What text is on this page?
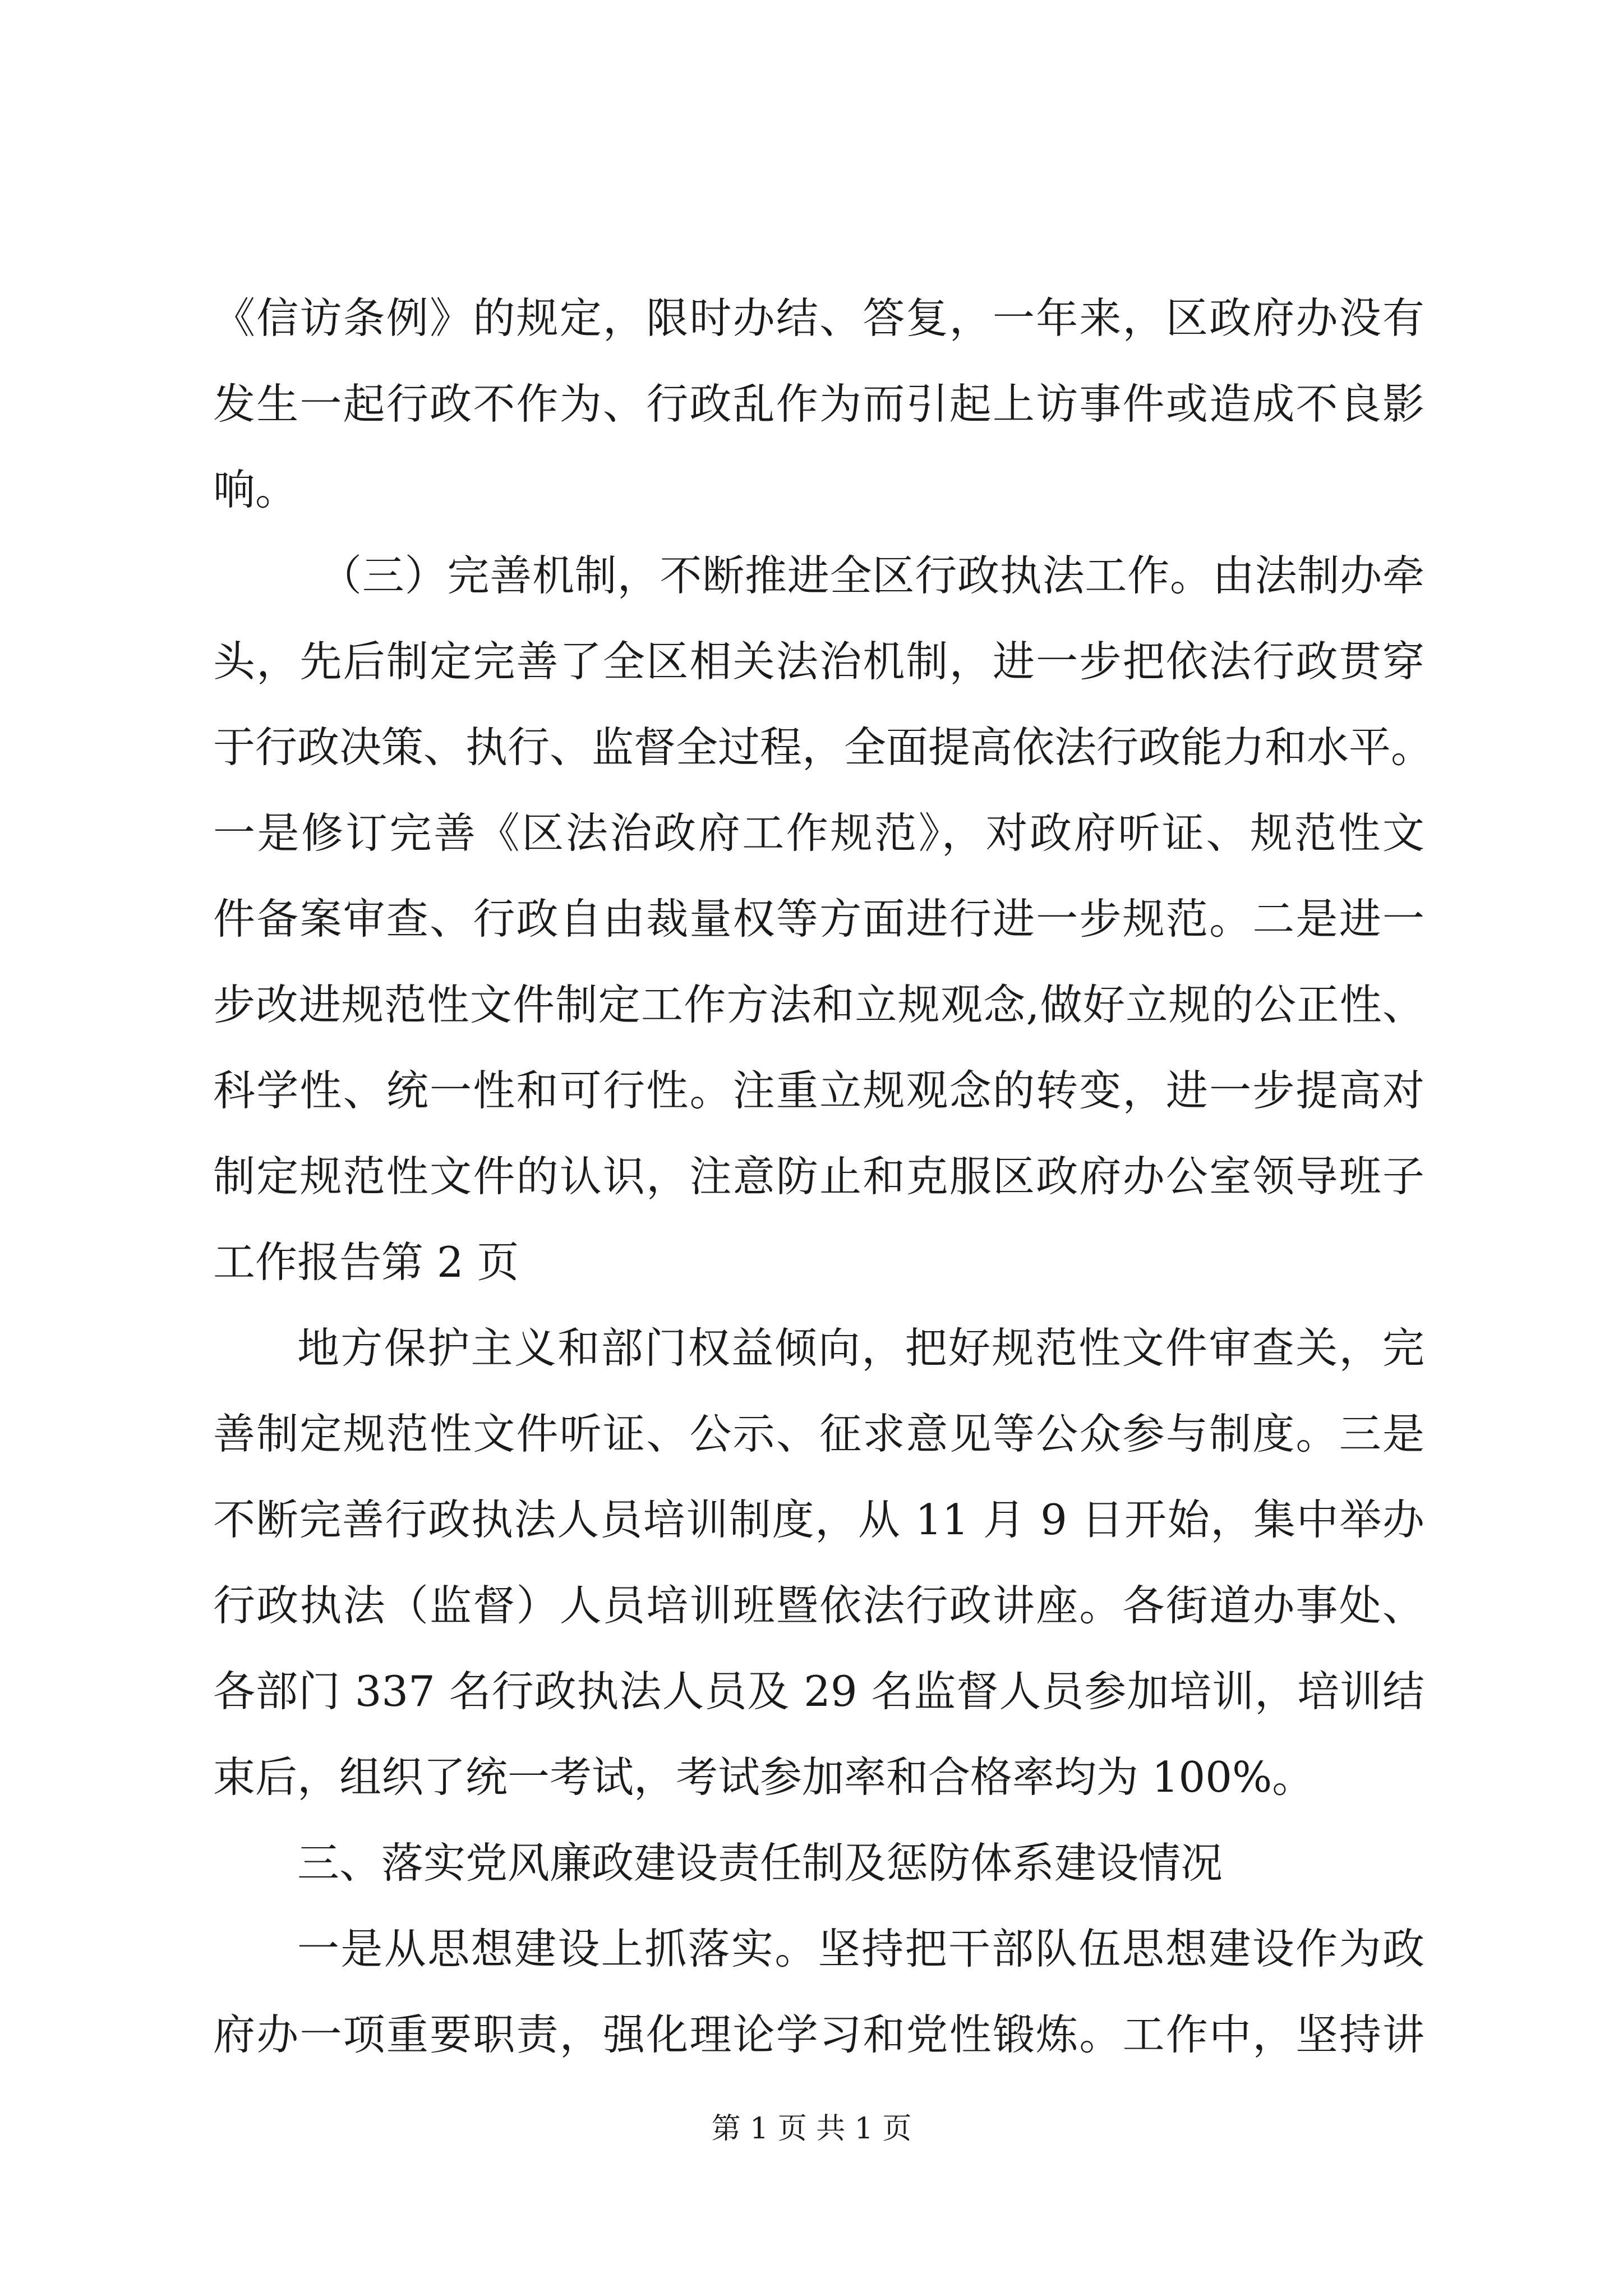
《信访条例》的规定，限时办结、答复，一年来，区政府办没有
发生一起行政不作为、行政乱作为而引起上访事件或造成不良影
响。
（三）完善机制，不断推进全区行政执法工作。由法制办牵
头，先后制定完善了全区相关法治机制，进一步把依法行政贯穿
于行政决策、执行、监督全过程，全面提高依法行政能力和水平。
一是修订完善《区法治政府工作规范》，对政府听证、规范性文
件备案审查、行政自由裁量权等方面进行进一步规范。二是进一
步改进规范性文件制定工作方法和立规观念,做好立规的公正性、
科学性、统一性和可行性。注重立规观念的转变，进一步提高对
制定规范性文件的认识，注意防止和克服区政府办公室领导班子
工作报告第 2 页
地方保护主义和部门权益倾向，把好规范性文件审查关，完
善制定规范性文件听证、公示、征求意见等公众参与制度。三是
不断完善行政执法人员培训制度，从 11 月 9 日开始，集中举办
行政执法（监督）人员培训班暨依法行政讲座。各街道办事处、
各部门 337 名行政执法人员及 29 名监督人员参加培训，培训结
束后，组织了统一考试，考试参加率和合格率均为 100%。
三、落实党风廉政建设责任制及惩防体系建设情况
一是从思想建设上抓落实。坚持把干部队伍思想建设作为政
府办一项重要职责，强化理论学习和党性锻炼。工作中，坚持讲
第 1 页 共 1 页
